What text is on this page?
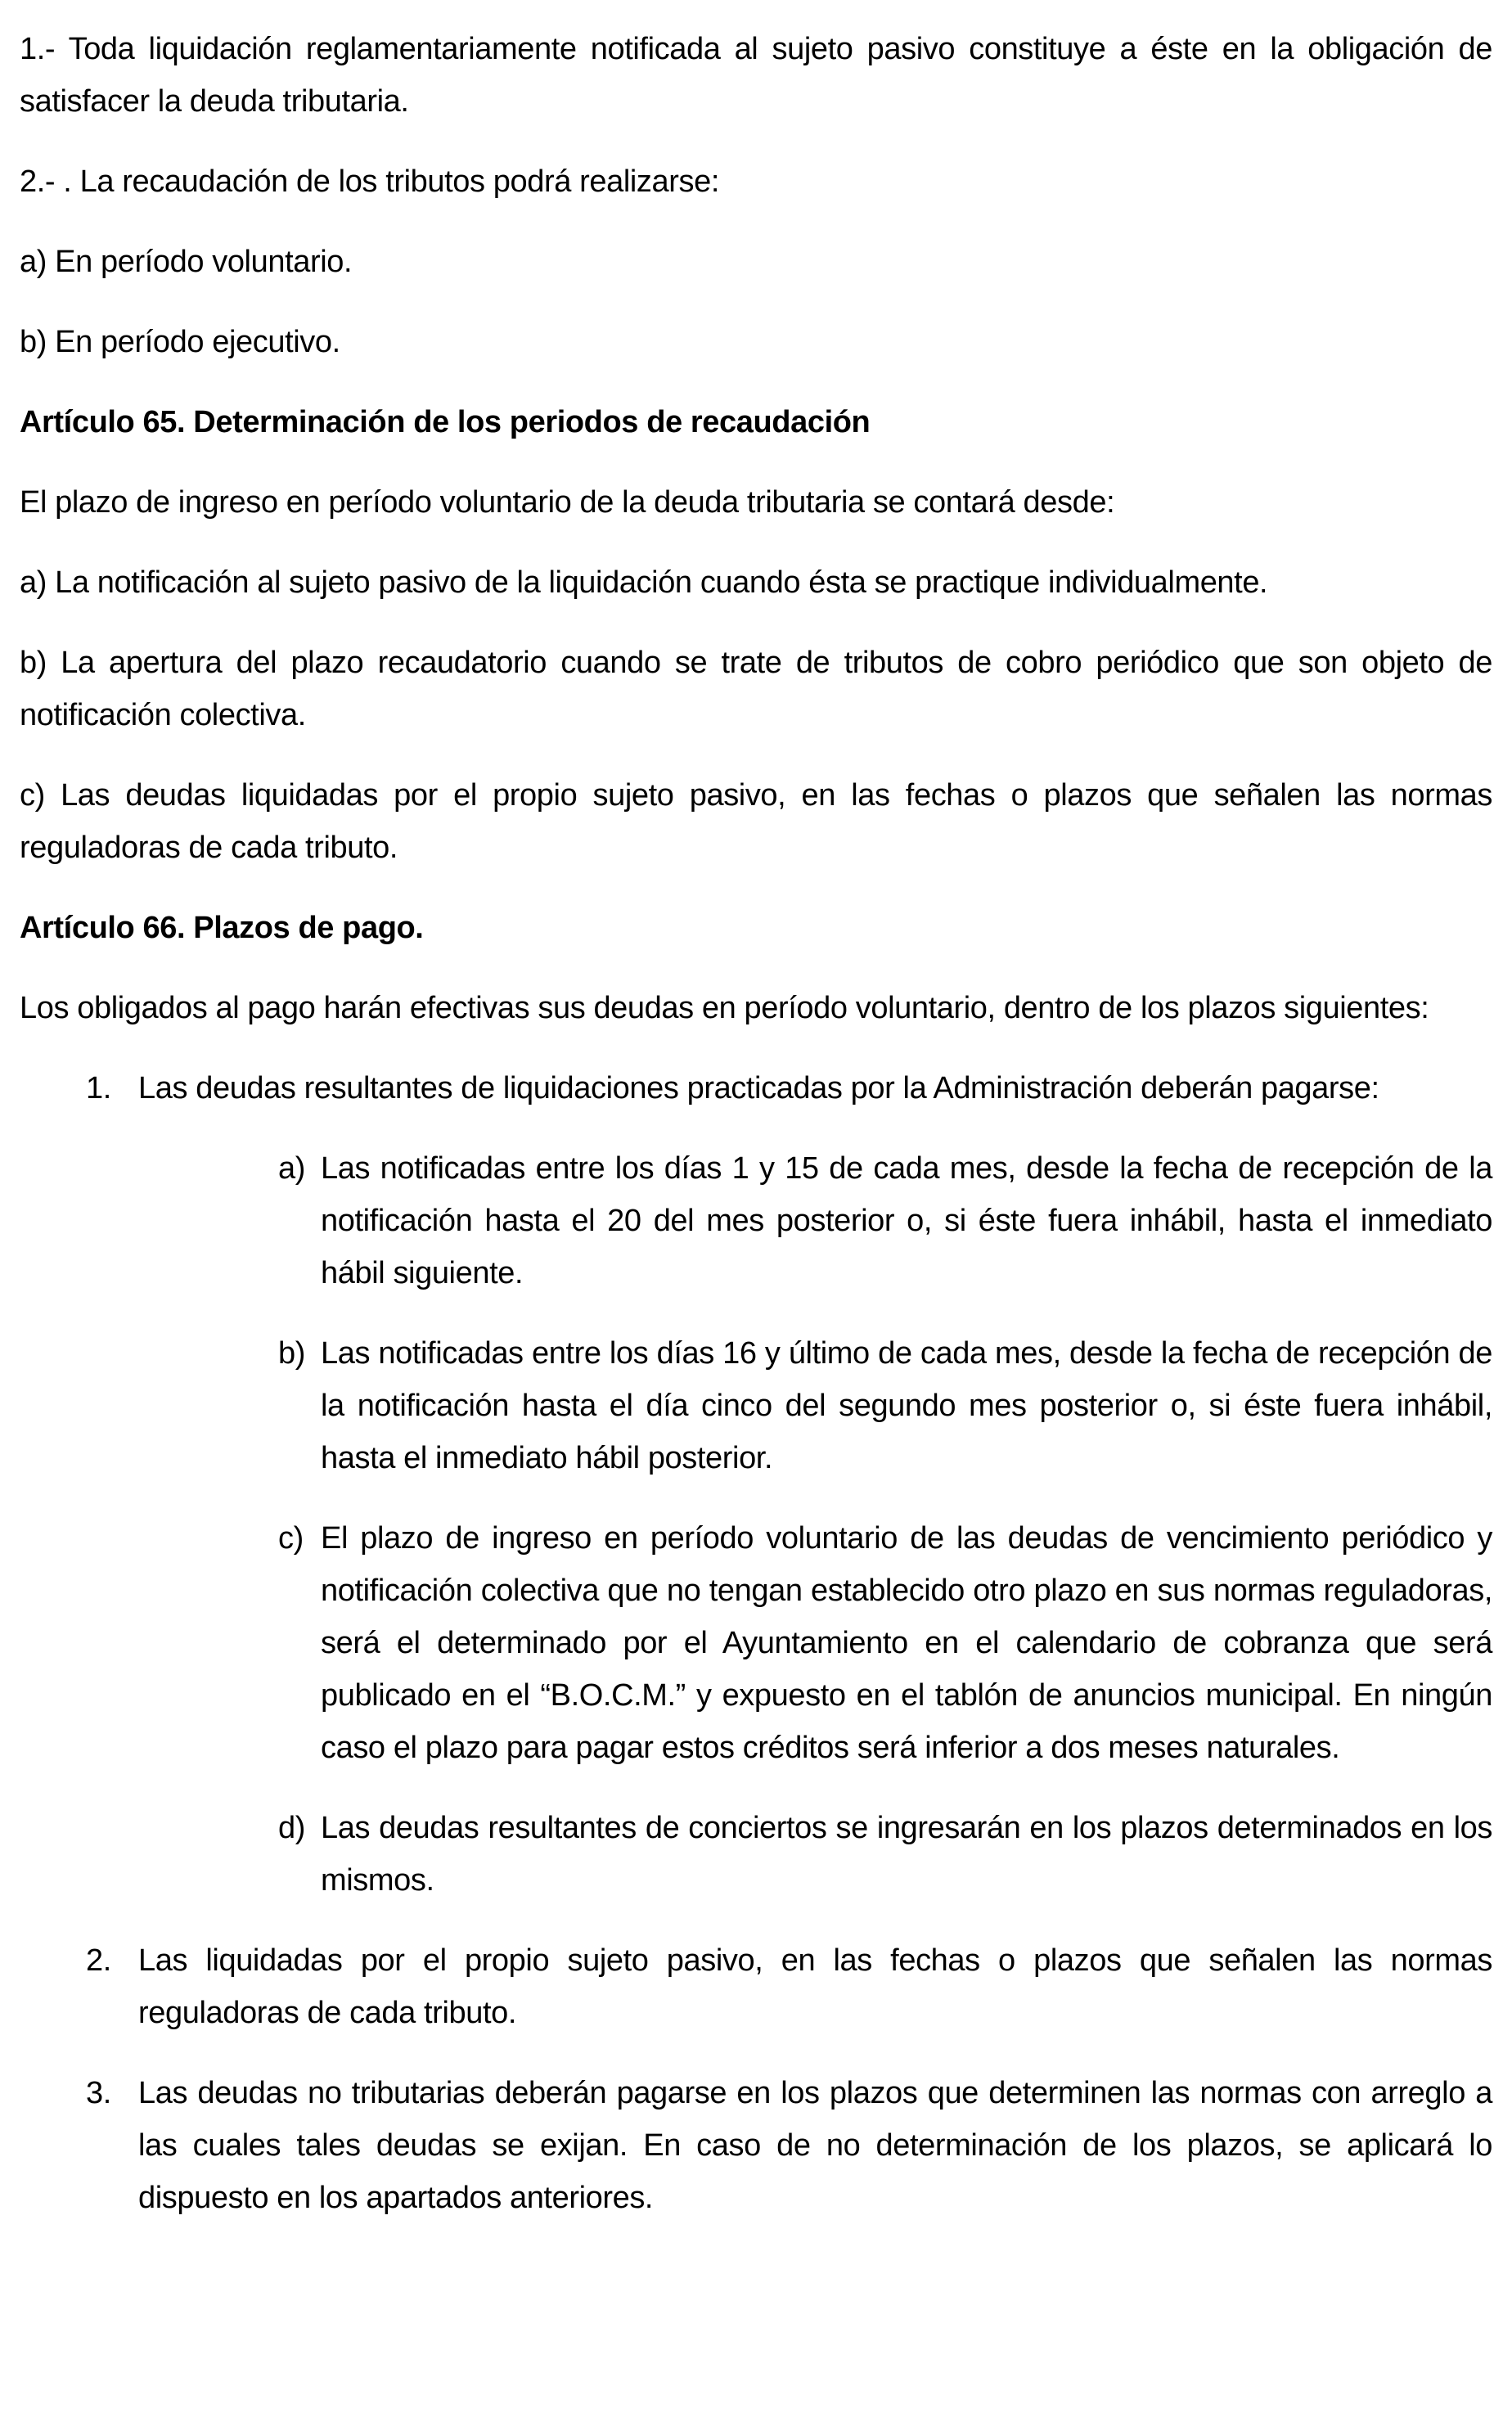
1.- Toda liquidación reglamentariamente notificada al sujeto pasivo constituye a éste en la obligación de satisfacer la deuda tributaria.

2.- . La recaudación de los tributos podrá realizarse:

a) En período voluntario.

b) En período ejecutivo.

Artículo 65. Determinación de los periodos de recaudación

El plazo de ingreso en período voluntario de la deuda tributaria se contará desde:

a) La notificación al sujeto pasivo de la liquidación cuando ésta se practique individualmente.

b) La apertura del plazo recaudatorio cuando se trate de tributos de cobro periódico que son objeto de notificación colectiva.

c) Las deudas liquidadas por el propio sujeto pasivo, en las fechas o plazos que señalen las normas reguladoras de cada tributo.

Artículo 66. Plazos de pago.

Los obligados al pago harán efectivas sus deudas en período voluntario, dentro de los plazos siguientes:

1. Las deudas resultantes de liquidaciones practicadas por la Administración deberán pagarse:

a) Las notificadas entre los días 1 y 15 de cada mes, desde la fecha de recepción de la notificación hasta el 20 del mes posterior o, si éste fuera inhábil, hasta el inmediato hábil siguiente.

b) Las notificadas entre los días 16 y último de cada mes, desde la fecha de recepción de la notificación hasta el día cinco del segundo mes posterior o, si éste fuera inhábil, hasta el inmediato hábil posterior.

c) El plazo de ingreso en período voluntario de las deudas de vencimiento periódico y notificación colectiva que no tengan establecido otro plazo en sus normas reguladoras, será el determinado por el Ayuntamiento en el calendario de cobranza que será publicado en el “B.O.C.M.” y expuesto en el tablón de anuncios municipal. En ningún caso el plazo para pagar estos créditos será inferior a dos meses naturales.

d) Las deudas resultantes de conciertos se ingresarán en los plazos determinados en los mismos.

2. Las liquidadas por el propio sujeto pasivo, en las fechas o plazos que señalen las normas reguladoras de cada tributo.

3. Las deudas no tributarias deberán pagarse en los plazos que determinen las normas con arreglo a las cuales tales deudas se exijan. En caso de no determinación de los plazos, se aplicará lo dispuesto en los apartados anteriores.
